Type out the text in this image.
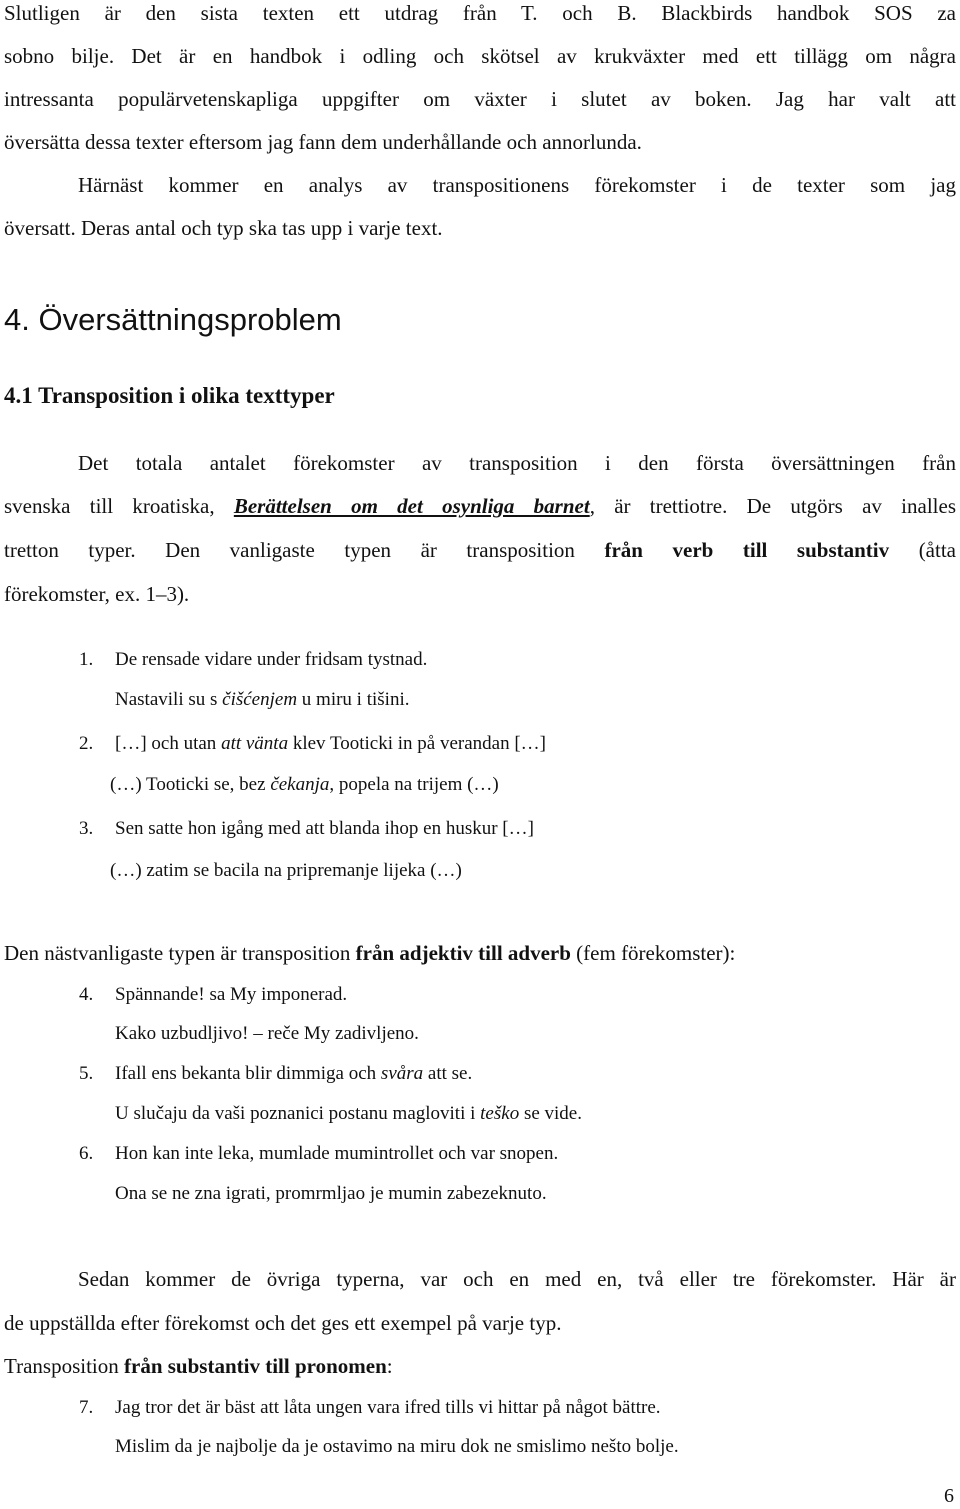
Slutligen är den sista texten ett utdrag från T. och B. Blackbirds handbok SOS za
sobno bilje. Det är en handbok i odling och skötsel av krukväxter med ett tillägg om några
intressanta populärvetenskapliga uppgifter om växter i slutet av boken. Jag har valt att
översätta dessa texter eftersom jag fann dem underhållande och annorlunda.
Härnäst kommer en analys av transpositionens förekomster i de texter som jag
översatt. Deras antal och typ ska tas upp i varje text.
4. Översättningsproblem
4.1 Transposition i olika texttyper
Det totala antalet förekomster av transposition i den första översättningen från
svenska till kroatiska, Berättelsen om det osynliga barnet, är trettiotre. De utgörs av inalles
tretton typer. Den vanligaste typen är transposition från verb till substantiv (åtta
förekomster, ex. 1–3).
1. De rensade vidare under fridsam tystnad.
Nastavili su s čišćenjem u miru i tišini.
2. […] och utan att vänta klev Tooticki in på verandan […]
(…) Tooticki se, bez čekanja, popela na trijem (…)
3. Sen satte hon igång med att blanda ihop en huskur […]
(…) zatim se bacila na pripremanje lijeka (…)
Den nästvanligaste typen är transposition från adjektiv till adverb (fem förekomster):
4. Spännande! sa My imponerad.
Kako uzbudljivo! – reče My zadivljeno.
5. Ifall ens bekanta blir dimmiga och svåra att se.
U slučaju da vaši poznanici postanu magloviti i teško se vide.
6. Hon kan inte leka, mumlade mumintrollet och var snopen.
Ona se ne zna igrati, promrmljao je mumin zabezeknuto.
Sedan kommer de övriga typerna, var och en med en, två eller tre förekomster. Här är
de uppställda efter förekomst och det ges ett exempel på varje typ.
Transposition från substantiv till pronomen:
7. Jag tror det är bäst att låta ungen vara ifred tills vi hittar på något bättre.
Mislim da je najbolje da je ostavimo na miru dok ne smislimo nešto bolje.
6
